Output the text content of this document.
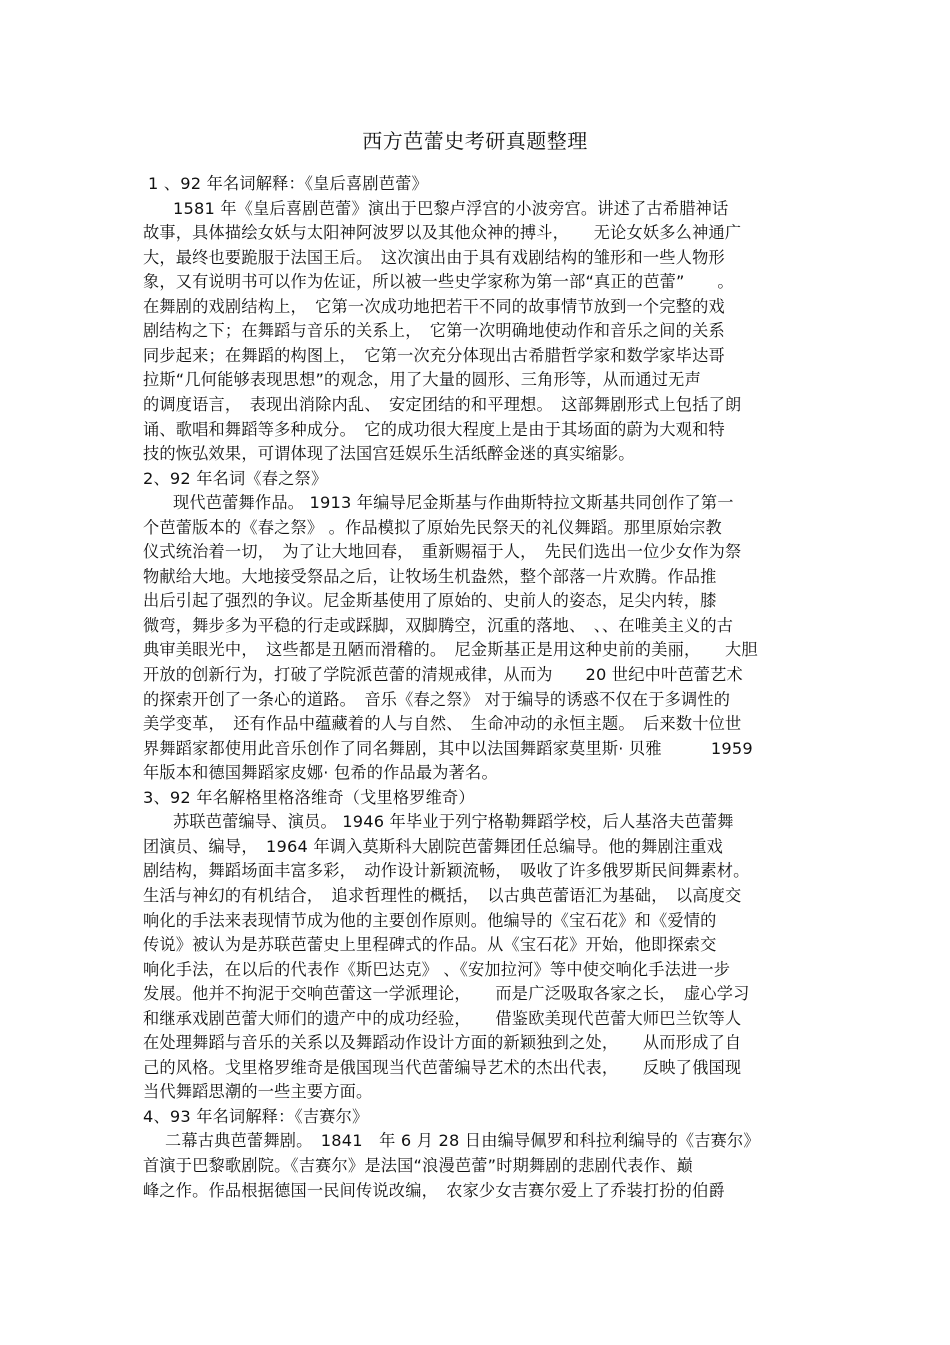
西方芭蕾史考研真题整理
1 、92 年名词解释：《皇后喜剧芭蕾》
1581 年《皇后喜剧芭蕾》演出于巴黎卢浮宫的小波旁宫。讲述了古希腊神话
故事，具体描绘女妖与太阳神阿波罗以及其他众神的搏斗，　　无论女妖多么神通广
大，最终也要跪服于法国王后。　这次演出由于具有戏剧结构的雏形和一些人物形
象，又有说明书可以作为佐证，所以被一些史学家称为第一部“真正的芭蕾”　　。
在舞剧的戏剧结构上，　它第一次成功地把若干不同的故事情节放到一个完整的戏
剧结构之下；在舞蹈与音乐的关系上，　它第一次明确地使动作和音乐之间的关系
同步起来；在舞蹈的构图上，　它第一次充分体现出古希腊哲学家和数学家毕达哥
拉斯“几何能够表现思想”的观念，用了大量的圆形、三角形等，从而通过无声
的调度语言，　表现出消除内乱、　安定团结的和平理想。　这部舞剧形式上包括了朗
诵、歌唱和舞蹈等多种成分。　它的成功很大程度上是由于其场面的蔚为大观和特
技的恢弘效果，可谓体现了法国宫廷娱乐生活纸醉金迷的真实缩影。
2、92 年名词《春之祭》
现代芭蕾舞作品。 1913 年编导尼金斯基与作曲斯特拉文斯基共同创作了第一
个芭蕾版本的《春之祭》 。作品模拟了原始先民祭天的礼仪舞蹈。那里原始宗教
仪式统治着一切，　为了让大地回春，　重新赐福于人，　先民们选出一位少女作为祭
物献给大地。大地接受祭品之后，让牧场生机盎然，整个部落一片欢腾。作品推
出后引起了强烈的争议。尼金斯基使用了原始的、史前人的姿态，足尖内转，膝
微弯，舞步多为平稳的行走或踩脚，双脚腾空，沉重的落地、　、、在唯美主义的古
典审美眼光中，　这些都是丑陋而滑稽的。　尼金斯基正是用这种史前的美丽，　　大胆
开放的创新行为，打破了学院派芭蕾的清规戒律，从而为　　20 世纪中叶芭蕾艺术
的探索开创了一条心的道路。　音乐《春之祭》 对于编导的诱惑不仅在于多调性的
美学变革，　还有作品中蕴藏着的人与自然、　生命冲动的永恒主题。　后来数十位世
界舞蹈家都使用此音乐创作了同名舞剧，其中以法国舞蹈家莫里斯· 贝雅　　　1959
年版本和德国舞蹈家皮娜· 包希的作品最为著名。
3、92 年名解格里格洛维奇（戈里格罗维奇）
苏联芭蕾编导、演员。 1946 年毕业于列宁格勒舞蹈学校，后人基洛夫芭蕾舞
团演员、编导，　1964 年调入莫斯科大剧院芭蕾舞团任总编导。他的舞剧注重戏
剧结构，舞蹈场面丰富多彩，　动作设计新颖流畅，　吸收了许多俄罗斯民间舞素材。
生活与神幻的有机结合，　追求哲理性的概括，　以古典芭蕾语汇为基础，　以高度交
响化的手法来表现情节成为他的主要创作原则。他编导的《宝石花》和《爱情的
传说》被认为是苏联芭蕾史上里程碑式的作品。从《宝石花》开始，他即探索交
响化手法，在以后的代表作《斯巴达克》 、《安加拉河》等中使交响化手法进一步
发展。他并不拘泥于交响芭蕾这一学派理论，　　而是广泛吸取各家之长，　虚心学习
和继承戏剧芭蕾大师们的遗产中的成功经验，　　借鉴欧美现代芭蕾大师巴兰钦等人
在处理舞蹈与音乐的关系以及舞蹈动作设计方面的新颖独到之处，　　从而形成了自
己的风格。戈里格罗维奇是俄国现当代芭蕾编导艺术的杰出代表，　　反映了俄国现
当代舞蹈思潮的一些主要方面。
4、93 年名词解释：《吉赛尔》
二幕古典芭蕾舞剧。　1841　年 6 月 28 日由编导佩罗和科拉利编导的《吉赛尔》
首演于巴黎歌剧院。《吉赛尔》是法国“浪漫芭蕾”时期舞剧的悲剧代表作、巅
峰之作。作品根据德国一民间传说改编，　农家少女吉赛尔爱上了乔装打扮的伯爵
